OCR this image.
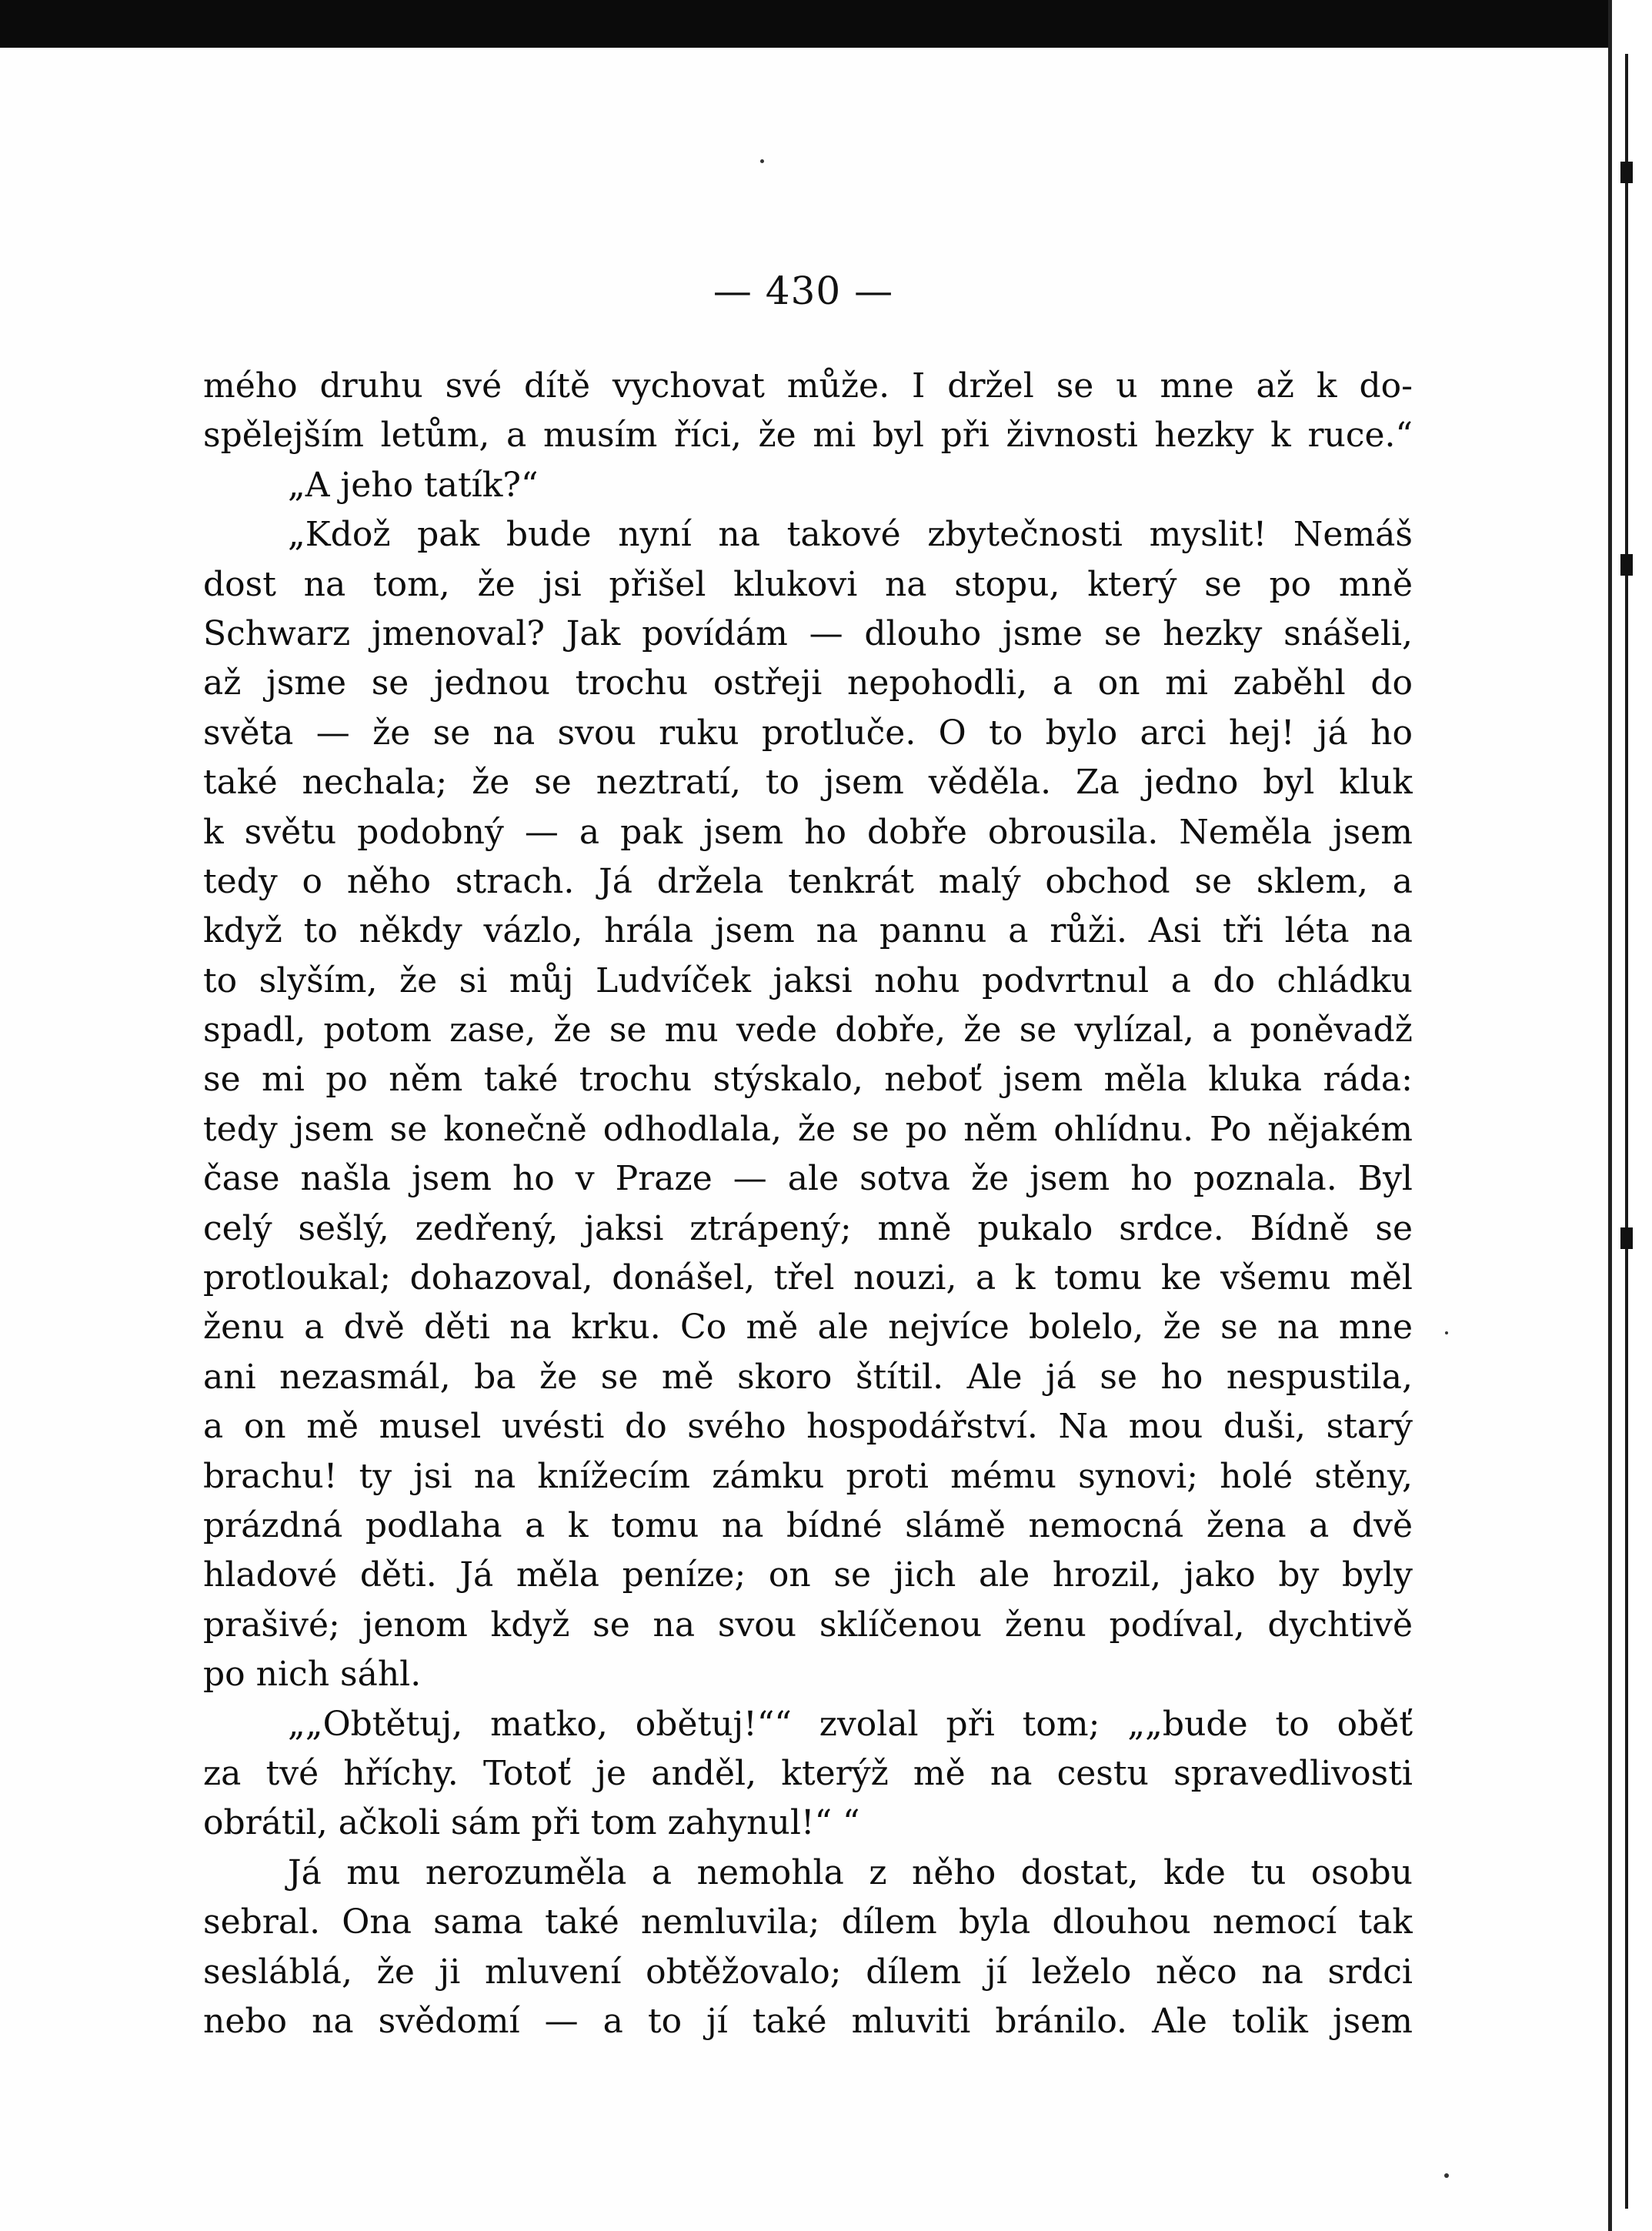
— 430 —
mého druhu své dítě vychovat může. I držel se u mne až k do-
spělejším letům, a musím říci, že mi byl při živnosti hezky k ruce.“
„A jeho tatík?“
„Kdož pak bude nyní na takové zbytečnosti myslit! Nemáš
dost na tom, že jsi přišel klukovi na stopu, který se po mně
Schwarz jmenoval? Jak povídám — dlouho jsme se hezky snášeli,
až jsme se jednou trochu ostřeji nepohodli, a on mi zaběhl do
světa — že se na svou ruku protluče. O to bylo arci hej! já ho
také nechala; že se neztratí, to jsem věděla. Za jedno byl kluk
k světu podobný — a pak jsem ho dobře obrousila. Neměla jsem
tedy o něho strach. Já držela tenkrát malý obchod se sklem, a
když to někdy vázlo, hrála jsem na pannu a růži. Asi tři léta na
to slyším, že si můj Ludvíček jaksi nohu podvrtnul a do chládku
spadl, potom zase, že se mu vede dobře, že se vylízal, a poněvadž
se mi po něm také trochu stýskalo, neboť jsem měla kluka ráda:
tedy jsem se konečně odhodlala, že se po něm ohlídnu. Po nějakém
čase našla jsem ho v Praze — ale sotva že jsem ho poznala. Byl
celý sešlý, zedřený, jaksi ztrápený; mně pukalo srdce. Bídně se
protloukal; dohazoval, donášel, třel nouzi, a k tomu ke všemu měl
ženu a dvě děti na krku. Co mě ale nejvíce bolelo, že se na mne
ani nezasmál, ba že se mě skoro štítil. Ale já se ho nespustila,
a on mě musel uvésti do svého hospodářství. Na mou duši, starý
brachu! ty jsi na knížecím zámku proti mému synovi; holé stěny,
prázdná podlaha a k tomu na bídné slámě nemocná žena a dvě
hladové děti. Já měla peníze; on se jich ale hrozil, jako by byly
prašivé; jenom když se na svou sklíčenou ženu podíval, dychtivě
po nich sáhl.
„„Obtětuj, matko, obětuj!““ zvolal při tom; „„bude to oběť
za tvé hříchy. Totoť je anděl, kterýž mě na cestu spravedlivosti
obrátil, ačkoli sám při tom zahynul!“ “
Já mu nerozuměla a nemohla z něho dostat, kde tu osobu
sebral. Ona sama také nemluvila; dílem byla dlouhou nemocí tak
sesláblá, že ji mluvení obtěžovalo; dílem jí leželo něco na srdci
nebo na svědomí — a to jí také mluviti bránilo. Ale tolik jsem
